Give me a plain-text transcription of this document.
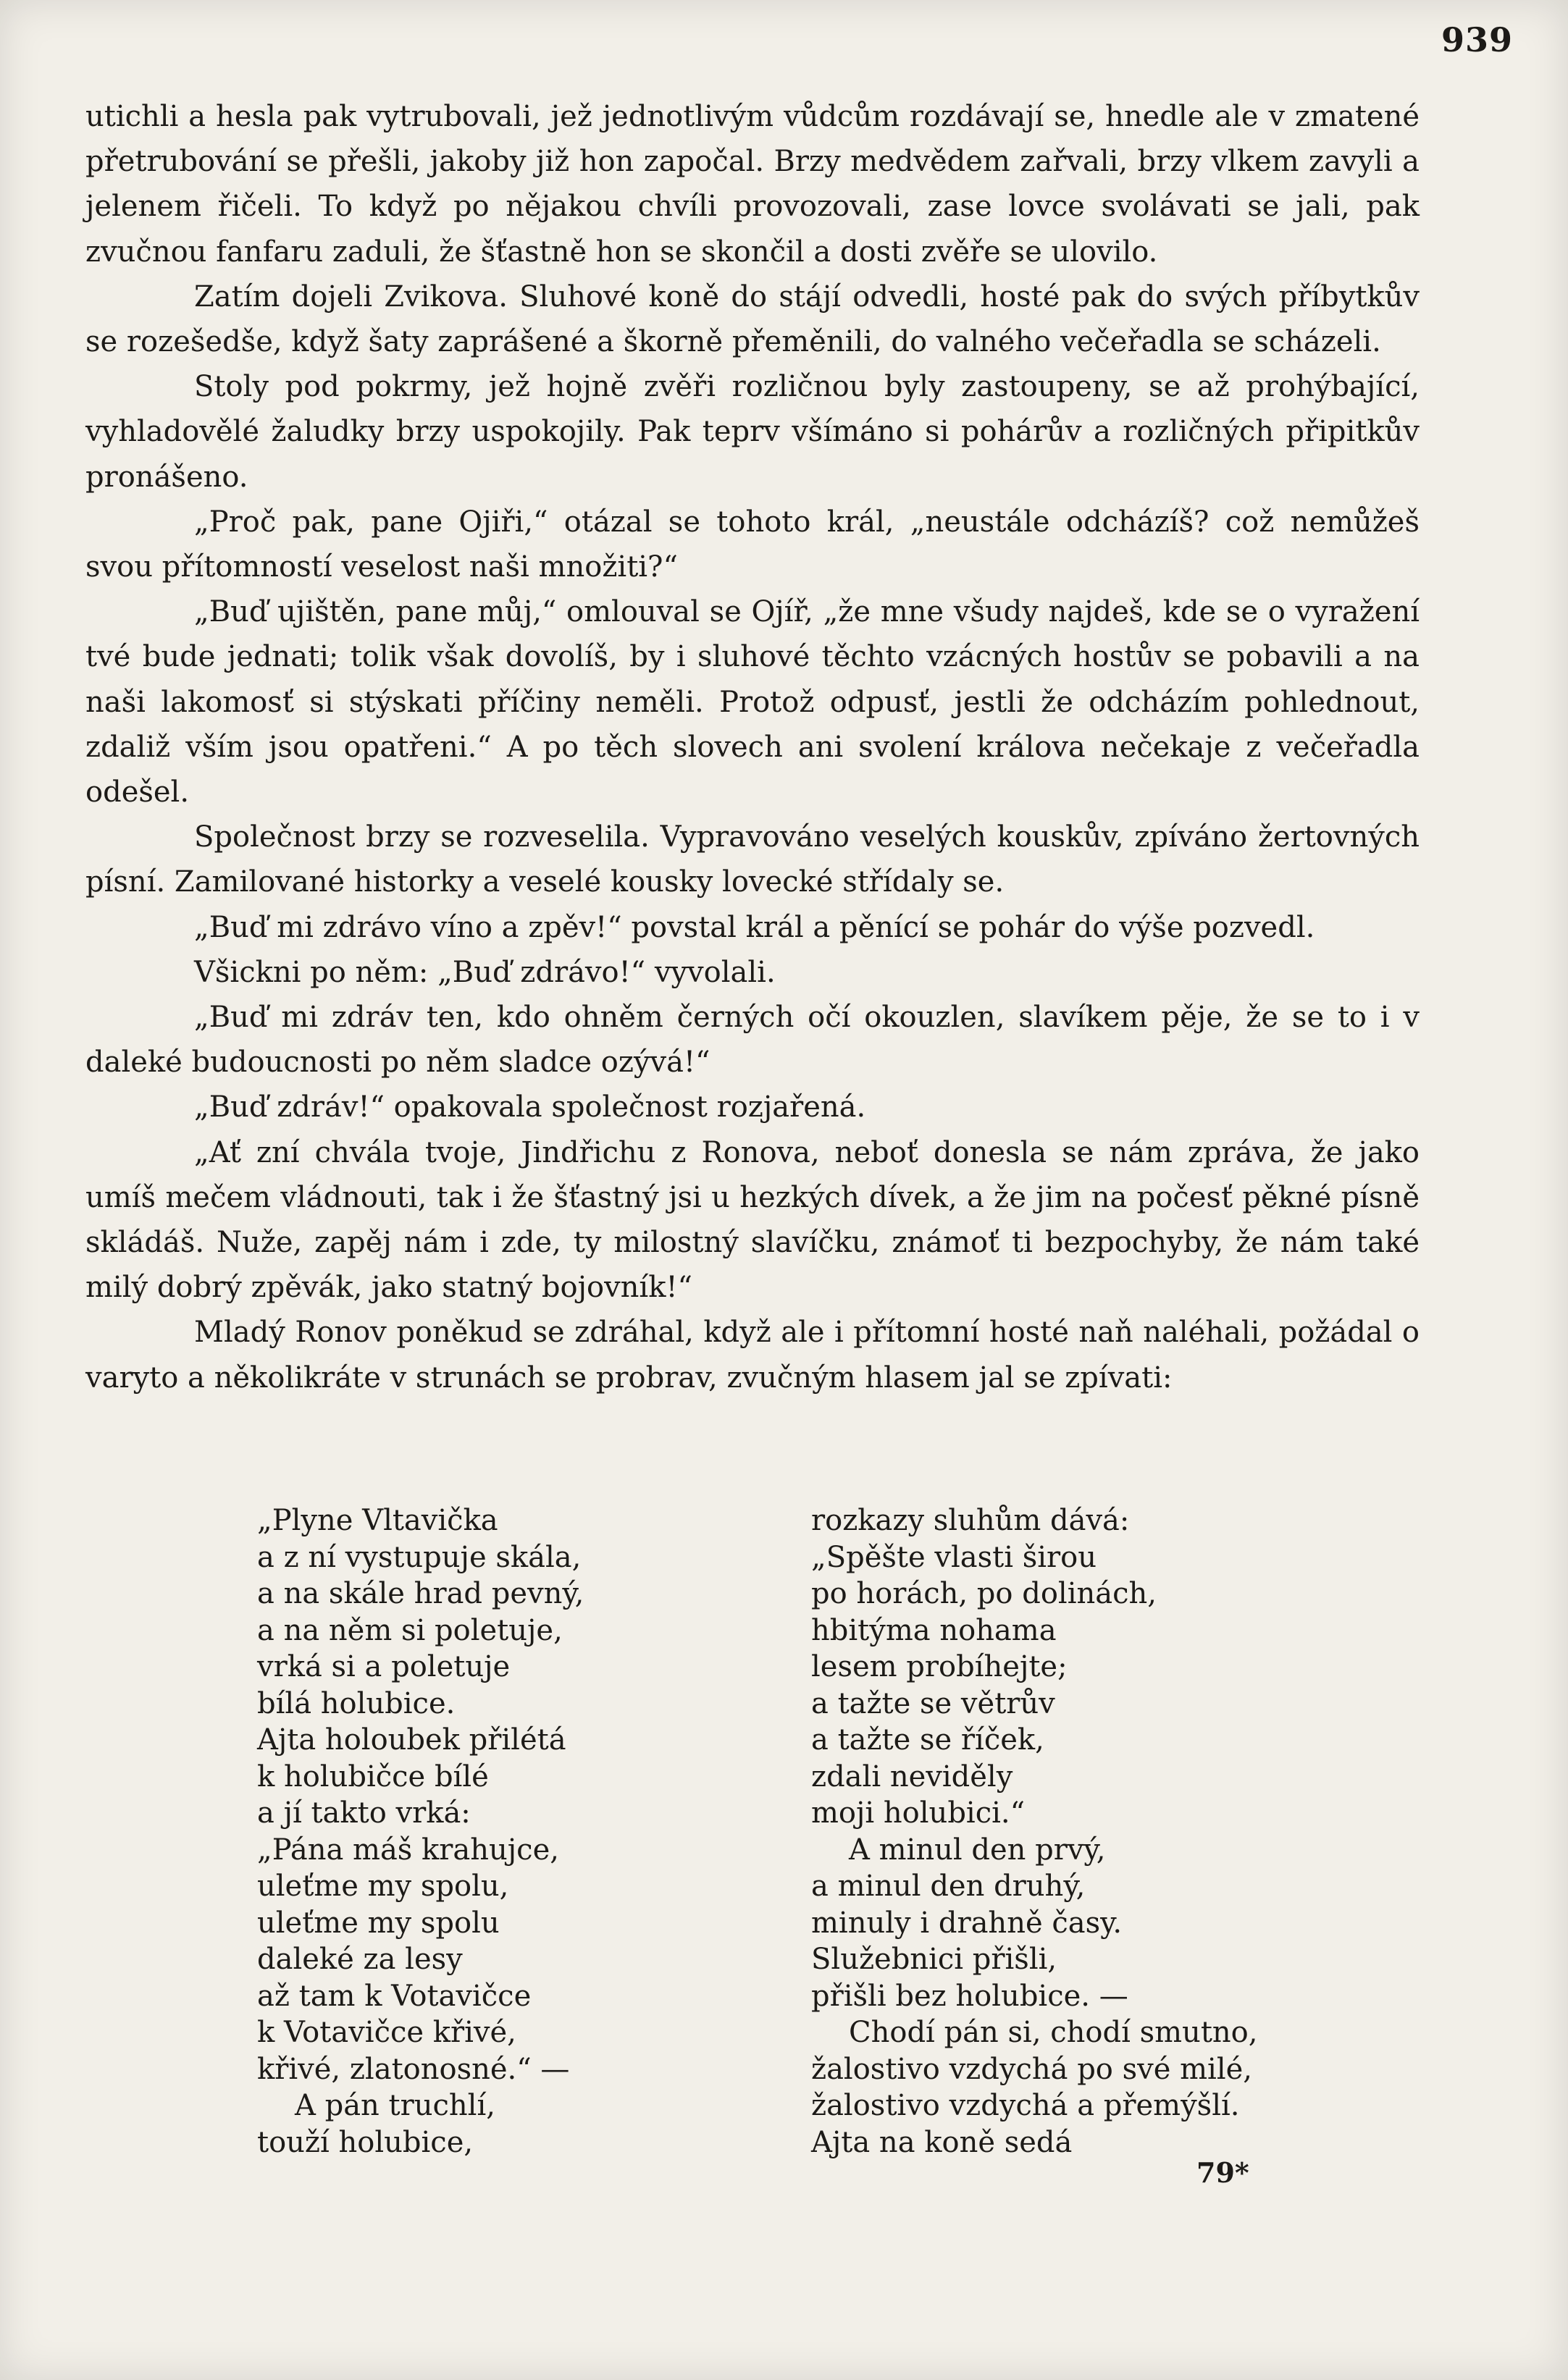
939

utichli a hesla pak vytrubovali, jež jednotlivým vůdcům rozdávají se, hnedle ale v zmatené přetrubování se přešli, jakoby již hon započal. Brzy medvědem zařvali, brzy vlkem zavyli a jelenem řičeli. To když po nějakou chvíli provozovali, zase lovce svolávati se jali, pak zvučnou fanfaru zaduli, že šťastně hon se skončil a dosti zvěře se ulovilo.

Zatím dojeli Zvikova. Sluhové koně do stájí odvedli, hosté pak do svých příbytkův se rozešedše, když šaty zaprášené a škorně přeměnili, do valného večeřadla se scházeli.

Stoly pod pokrmy, jež hojně zvěři rozličnou byly zastoupeny, se až prohýbající, vyhladovělé žaludky brzy uspokojily. Pak teprv všímáno si pohárův a rozličných připitkův pronášeno.

„Proč pak, pane Ojiři,“ otázal se tohoto král, „neustále odcházíš? což nemůžeš svou přítomností veselost naši množiti?“

„Buď ujištěn, pane můj,“ omlouval se Ojíř, „že mne všudy najdeš, kde se o vyražení tvé bude jednati; tolik však dovolíš, by i sluhové těchto vzácných hostův se pobavili a na naši lakomosť si stýskati příčiny neměli. Protož odpusť, jestli že odcházím pohlednout, zdaliž vším jsou opatřeni.“ A po těch slovech ani svolení králova nečekaje z večeřadla odešel.

Společnost brzy se rozveselila. Vypravováno veselých kouskův, zpíváno žertovných písní. Zamilované historky a veselé kousky lovecké střídaly se.

„Buď mi zdrávo víno a zpěv!“ povstal král a pěnící se pohár do výše pozvedl.

Všickni po něm: „Buď zdrávo!“ vyvolali.

„Buď mi zdráv ten, kdo ohněm černých očí okouzlen, slavíkem pěje, že se to i v daleké budoucnosti po něm sladce ozývá!“

„Buď zdráv!“ opakovala společnost rozjařená.

„Ať zní chvála tvoje, Jindřichu z Ronova, neboť donesla se nám zpráva, že jako umíš mečem vládnouti, tak i že šťastný jsi u hezkých dívek, a že jim na počesť pěkné písně skládáš. Nuže, zapěj nám i zde, ty milostný slavíčku, známoť ti bezpochyby, že nám také milý dobrý zpěvák, jako statný bojovník!“

Mladý Ronov poněkud se zdráhal, když ale i přítomní hosté naň naléhali, požádal o varyto a několikráte v strunách se probrav, zvučným hlasem jal se zpívati:

„Plyne Vltavička
a z ní vystupuje skála,
a na skále hrad pevný,
a na něm si poletuje,
vrká si a poletuje
bílá holubice.
Ajta holoubek přilétá
k holubičce bílé
a jí takto vrká:
„Pána máš krahujce,
uleťme my spolu,
uleťme my spolu
daleké za lesy
až tam k Votavičce
k Votavičce křivé,
křivé, zlatonosné.“ —
A pán truchlí,
touží holubice,
rozkazy sluhům dává:
„Spěšte vlasti širou
po horách, po dolinách,
hbitýma nohama
lesem probíhejte;
a tažte se větrův
a tažte se říček,
zdali neviděly
moji holubici.“
A minul den prvý,
a minul den druhý,
minuly i drahně časy.
Služebnici přišli,
přišli bez holubice. —
Chodí pán si, chodí smutno,
žalostivo vzdychá po své milé,
žalostivo vzdychá a přemýšlí.
Ajta na koně sedá
79*
